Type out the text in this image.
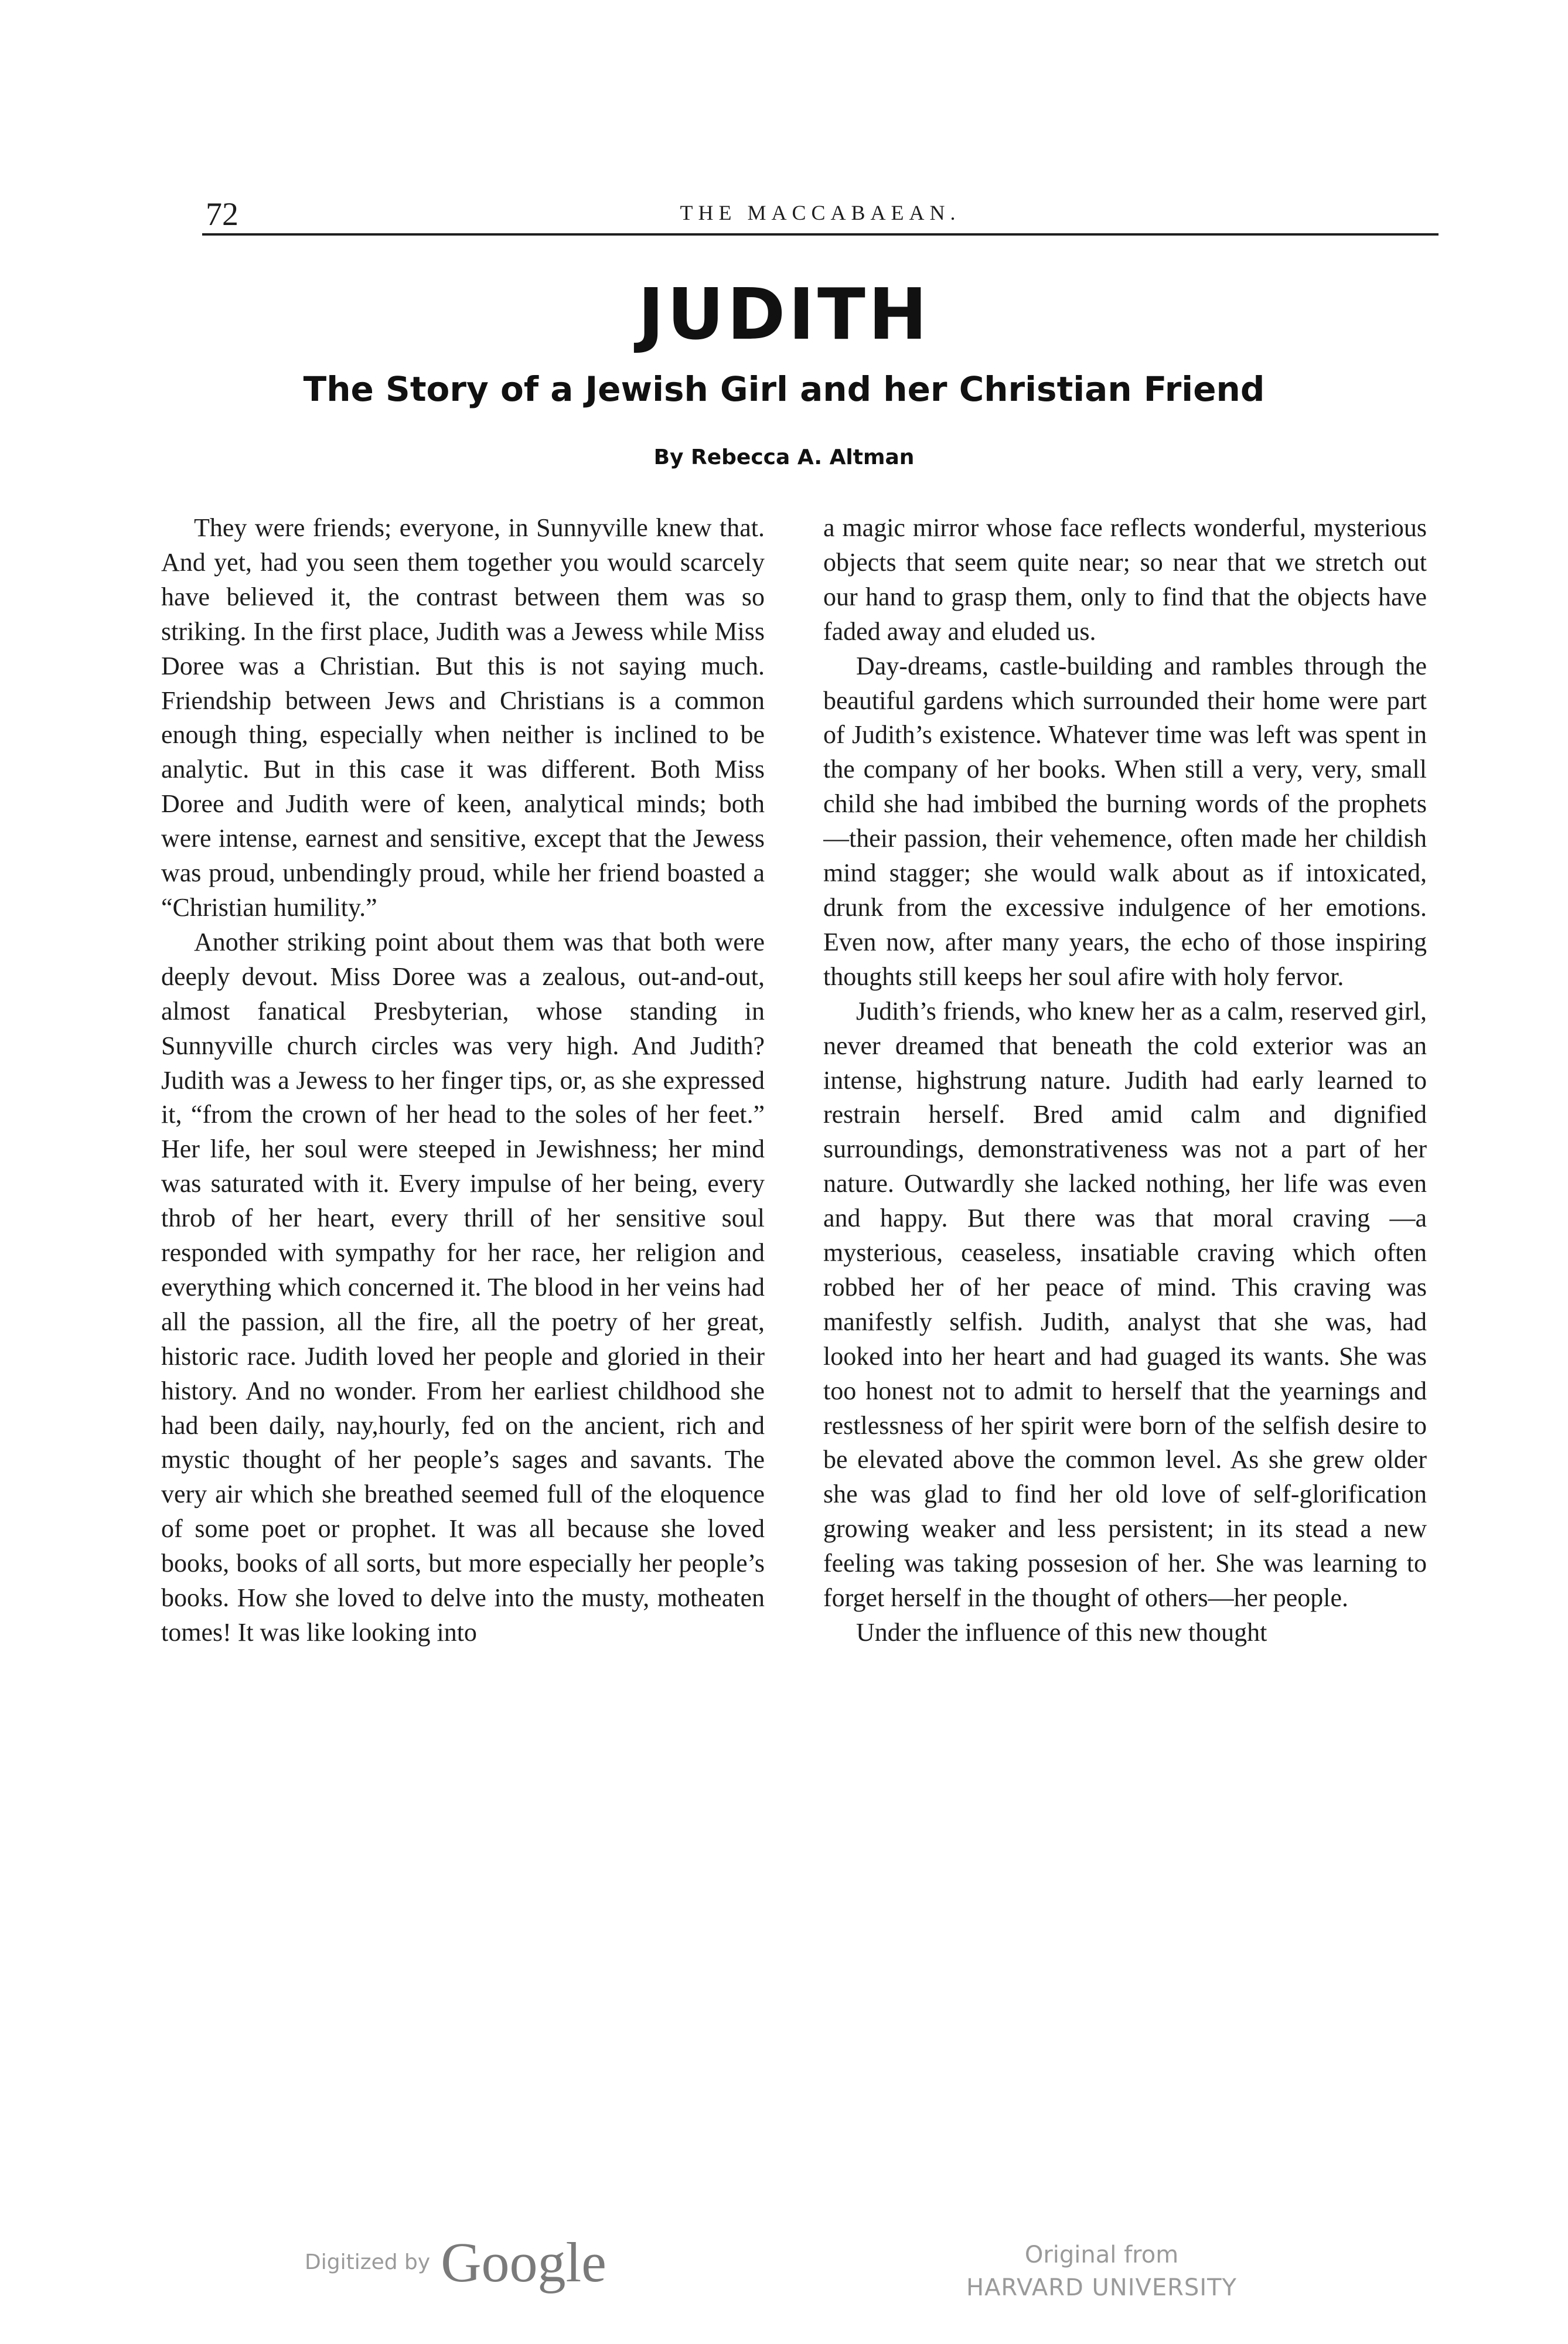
72	THE MACCABAEAN.
JUDITH
The Story of a Jewish Girl and her Christian Friend
By Rebecca A. Altman

They were friends; everyone, in Sunnyville knew that. And yet, had you seen them together you would scarcely have believed it, the contrast between them was so striking. In the first place, Judith was a Jewess while Miss Doree was a Christian. But this is not saying much. Friendship between Jews and Christians is a common enough thing, especially when neither is inclined to be analytic. But in this case it was different. Both Miss Doree and Judith were of keen, analytical minds; both were intense, earnest and sensitive, except that the Jewess was proud, unbendingly proud, while her friend boasted a “Christian humility.”

Another striking point about them was that both were deeply devout. Miss Doree was a zealous, out-and-out, almost fanatical Presbyterian, whose standing in Sunnyville church circles was very high. And Judith? Judith was a Jewess to her finger tips, or, as she expressed it, “from the crown of her head to the soles of her feet.” Her life, her soul were steeped in Jewishness; her mind was saturated with it. Every impulse of her being, every throb of her heart, every thrill of her sensitive soul responded with sympathy for her race, her religion and everything which concerned it. The blood in her veins had all the passion, all the fire, all the poetry of her great, historic race. Judith loved her people and gloried in their history. And no wonder. From her earliest childhood she had been daily, nay,hourly, fed on the ancient, rich and mystic thought of her people’s sages and savants. The very air which she breathed seemed full of the eloquence of some poet or prophet. It was all because she loved books, books of all sorts, but more especially her people’s books. How she loved to delve into the musty, motheaten tomes! It was like looking into

a magic mirror whose face reflects wonderful, mysterious objects that seem quite near; so near that we stretch out our hand to grasp them, only to find that the objects have faded away and eluded us.

Day-dreams, castle-building and rambles through the beautiful gardens which surrounded their home were part of Judith’s existence. Whatever time was left was spent in the company of her books. When still a very, very, small child she had imbibed the burning words of the prophets—their passion, their vehemence, often made her childish mind stagger; she would walk about as if intoxicated, drunk from the excessive indulgence of her emotions. Even now, after many years, the echo of those inspiring thoughts still keeps her soul afire with holy fervor.

Judith’s friends, who knew her as a calm, reserved girl, never dreamed that beneath the cold exterior was an intense, highstrung nature. Judith had early learned to restrain herself. Bred amid calm and dignified surroundings, demonstrativeness was not a part of her nature. Outwardly she lacked nothing, her life was even and happy. But there was that moral craving —a mysterious, ceaseless, insatiable craving which often robbed her of her peace of mind. This craving was manifestly selfish. Judith, analyst that she was, had looked into her heart and had guaged its wants. She was too honest not to admit to herself that the yearnings and restlessness of her spirit were born of the selfish desire to be elevated above the common level. As she grew older she was glad to find her old love of self-glorification growing weaker and less persistent; in its stead a new feeling was taking possesion of her. She was learning to forget herself in the thought of others—her people.

Under the influence of this new thought

Digitized by Google	Original from
HARVARD UNIVERSITY
